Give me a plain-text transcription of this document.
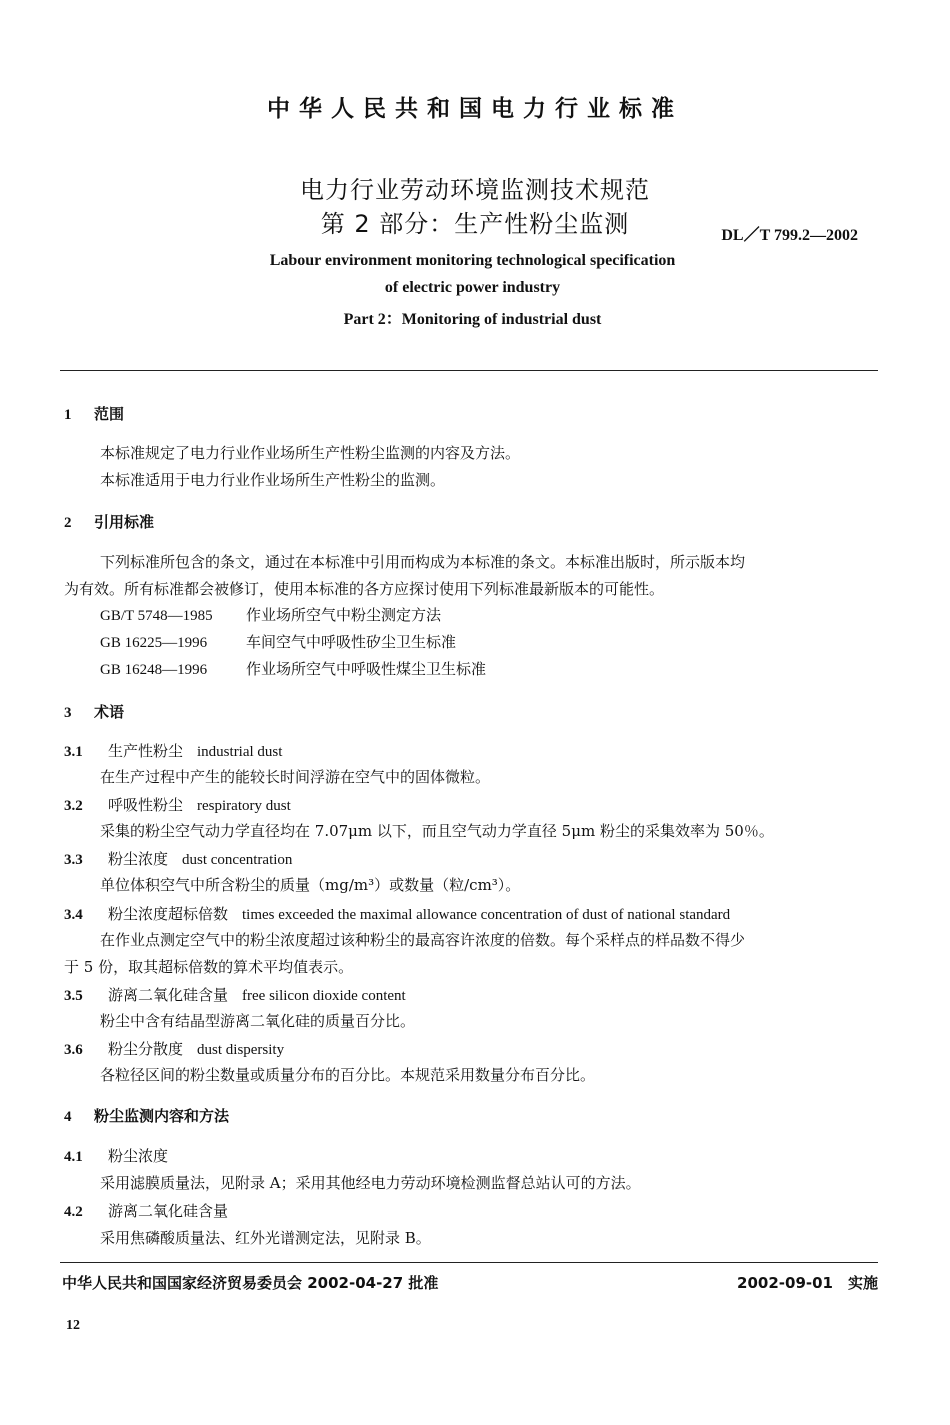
中华人民共和国电力行业标准
电力行业劳动环境监测技术规范
第 2 部分：生产性粉尘监测	DL／T 799.2—2002
Labour environment monitoring technological specification
of electric power industry
Part 2：Monitoring of industrial dust
1 范围
本标准规定了电力行业作业场所生产性粉尘监测的内容及方法。
本标准适用于电力行业作业场所生产性粉尘的监测。
2 引用标准
下列标准所包含的条文，通过在本标准中引用而构成为本标准的条文。本标准出版时，所示版本均
为有效。所有标准都会被修订，使用本标准的各方应探讨使用下列标准最新版本的可能性。
GB/T 5748—1985 作业场所空气中粉尘测定方法
GB 16225—1996	车间空气中呼吸性矽尘卫生标准
GB 16248—1996	作业场所空气中呼吸性煤尘卫生标准
3 术语
3.1 生产性粉尘 industrial dust
在生产过程中产生的能较长时间浮游在空气中的固体微粒。
3.2 呼吸性粉尘 respiratory dust
采集的粉尘空气动力学直径均在 7.07μm 以下，而且空气动力学直径 5μm 粉尘的采集效率为 50％。
3.3 粉尘浓度 dust concentration
单位体积空气中所含粉尘的质量（mg/m³）或数量（粒/cm³）。
3.4 粉尘浓度超标倍数 times exceeded the maximal allowance concentration of dust of national standard
在作业点测定空气中的粉尘浓度超过该种粉尘的最高容许浓度的倍数。每个采样点的样品数不得少
于 5 份，取其超标倍数的算术平均值表示。
3.5 游离二氧化硅含量 free silicon dioxide content
粉尘中含有结晶型游离二氧化硅的质量百分比。
3.6 粉尘分散度 dust dispersity
各粒径区间的粉尘数量或质量分布的百分比。本规范采用数量分布百分比。
4 粉尘监测内容和方法
4.1 粉尘浓度
采用滤膜质量法，见附录 A；采用其他经电力劳动环境检测监督总站认可的方法。
4.2 游离二氧化硅含量
采用焦磷酸质量法、红外光谱测定法，见附录 B。
中华人民共和国国家经济贸易委员会 2002-04-27 批准	2002-09-01　实施
12
